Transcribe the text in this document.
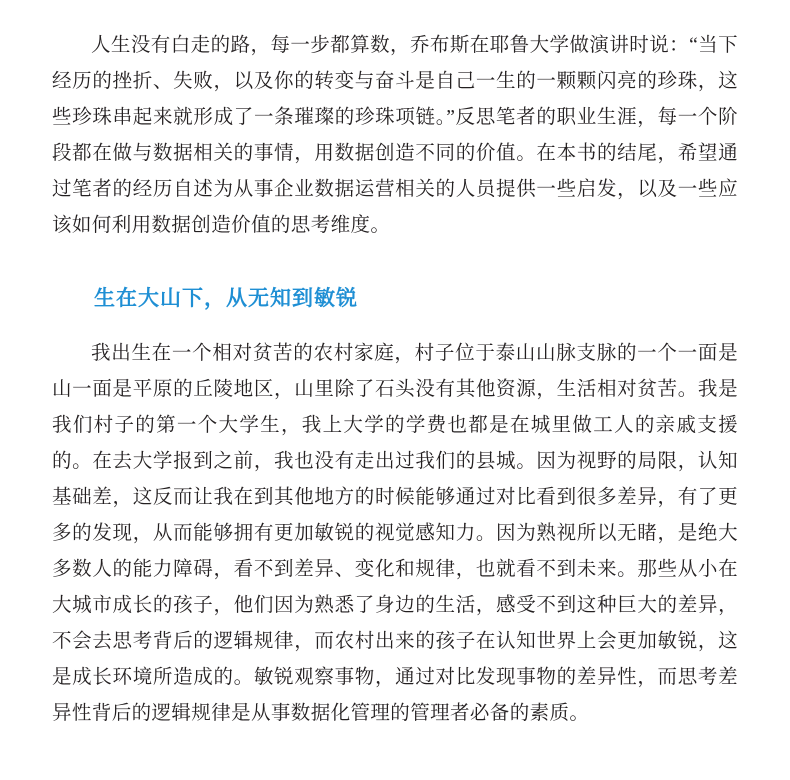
人生没有白走的路，每一步都算数，乔布斯在耶鲁大学做演讲时说：“当下经历的挫折、失败，以及你的转变与奋斗是自己一生的一颗颗闪亮的珍珠，这些珍珠串起来就形成了一条璀璨的珍珠项链。”反思笔者的职业生涯，每一个阶段都在做与数据相关的事情，用数据创造不同的价值。在本书的结尾，希望通过笔者的经历自述为从事企业数据运营相关的人员提供一些启发，以及一些应该如何利用数据创造价值的思考维度。

生在大山下，从无知到敏锐

我出生在一个相对贫苦的农村家庭，村子位于泰山山脉支脉的一个一面是山一面是平原的丘陵地区，山里除了石头没有其他资源，生活相对贫苦。我是我们村子的第一个大学生，我上大学的学费也都是在城里做工人的亲戚支援的。在去大学报到之前，我也没有走出过我们的县城。因为视野的局限，认知基础差，这反而让我在到其他地方的时候能够通过对比看到很多差异，有了更多的发现，从而能够拥有更加敏锐的视觉感知力。因为熟视所以无睹，是绝大多数人的能力障碍，看不到差异、变化和规律，也就看不到未来。那些从小在大城市成长的孩子，他们因为熟悉了身边的生活，感受不到这种巨大的差异，不会去思考背后的逻辑规律，而农村出来的孩子在认知世界上会更加敏锐，这是成长环境所造成的。敏锐观察事物，通过对比发现事物的差异性，而思考差异性背后的逻辑规律是从事数据化管理的管理者必备的素质。
